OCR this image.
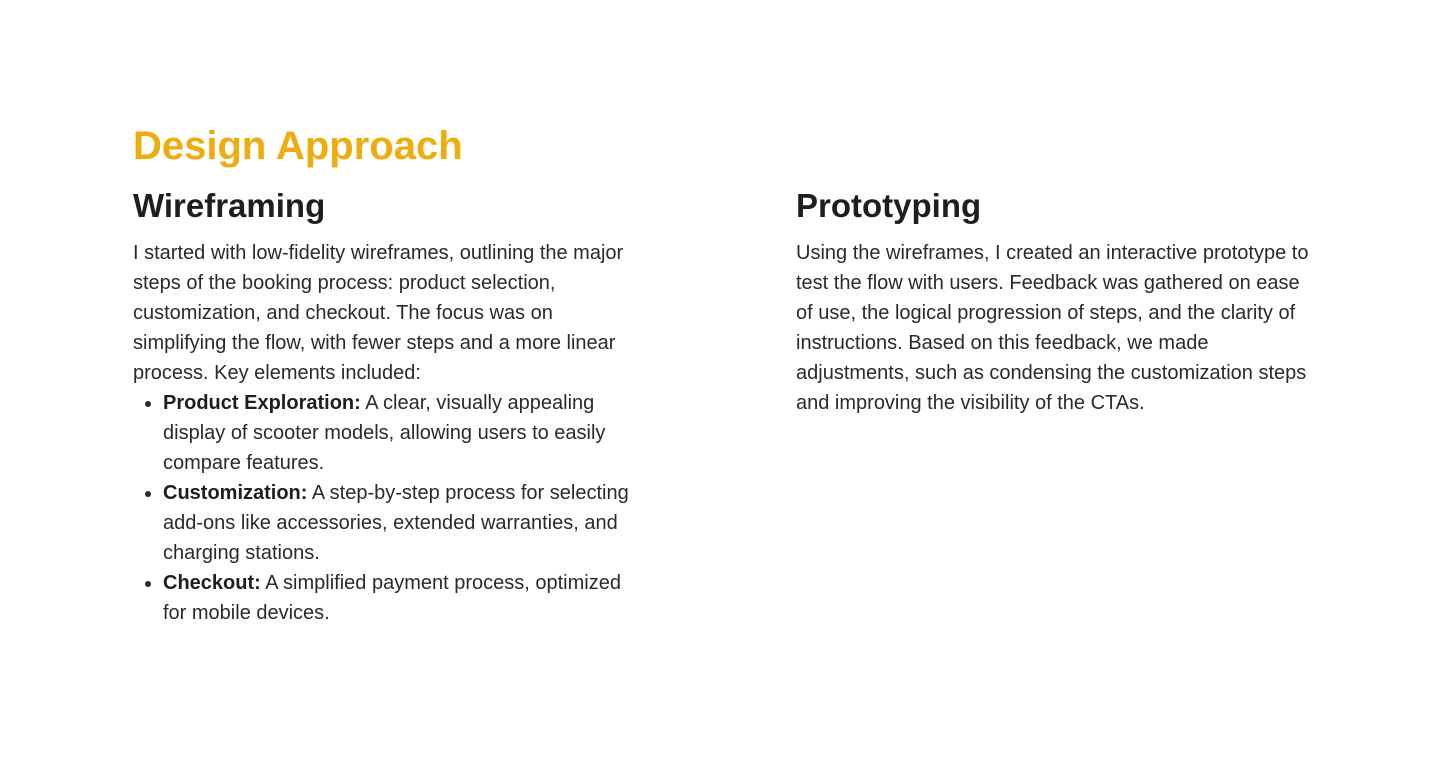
Design Approach
Wireframing

I started with low-fidelity wireframes, outlining the major steps of the booking process: product selection, customization, and checkout. The focus was on simplifying the flow, with fewer steps and a more linear process. Key elements included:

• Product Exploration: A clear, visually appealing display of scooter models, allowing users to easily compare features.
• Customization: A step-by-step process for selecting add-ons like accessories, extended warranties, and charging stations.
• Checkout: A simplified payment process, optimized for mobile devices.
Prototyping

Using the wireframes, I created an interactive prototype to test the flow with users. Feedback was gathered on ease of use, the logical progression of steps, and the clarity of instructions. Based on this feedback, we made adjustments, such as condensing the customization steps and improving the visibility of the CTAs.
